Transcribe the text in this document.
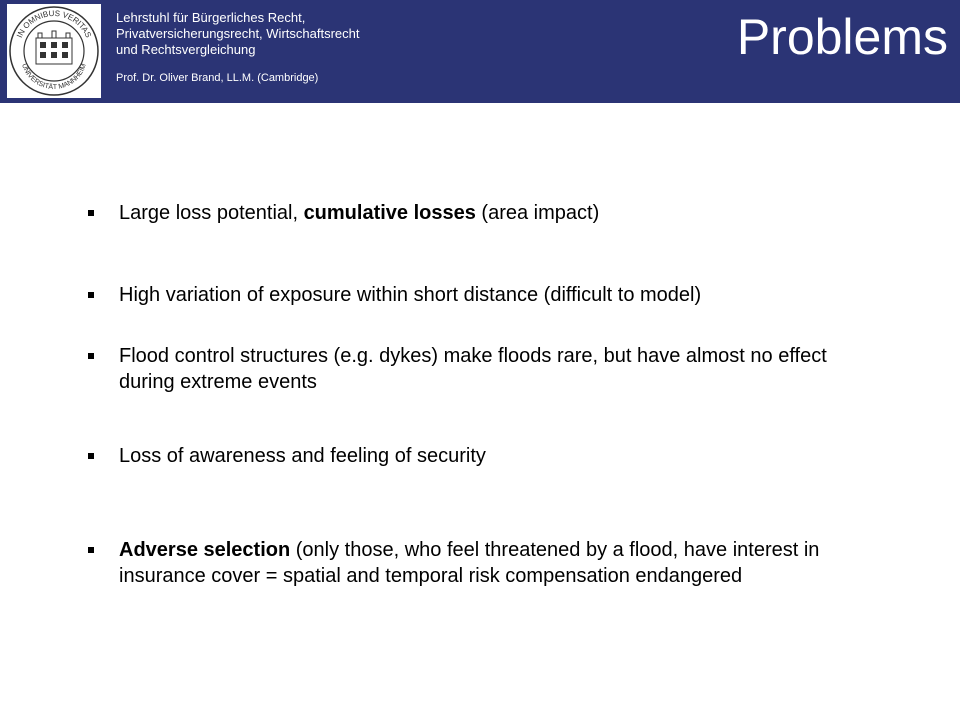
IN OMNIBUS VERITAS
UNIVERSITÄT MANNHEIM
Lehrstuhl für Bürgerliches Recht,
Privatversicherungsrecht, Wirtschaftsrecht
und Rechtsvergleichung
Prof. Dr. Oliver Brand, LL.M. (Cambridge)
Problems
Large loss potential, cumulative losses (area impact)
High variation of exposure within short distance (difficult to model)
Flood control structures (e.g. dykes) make floods rare, but have almost no effect during extreme events
Loss of awareness and feeling of security
Adverse selection (only those, who feel threatened by a flood, have interest in insurance cover = spatial and temporal risk compensation endangered
